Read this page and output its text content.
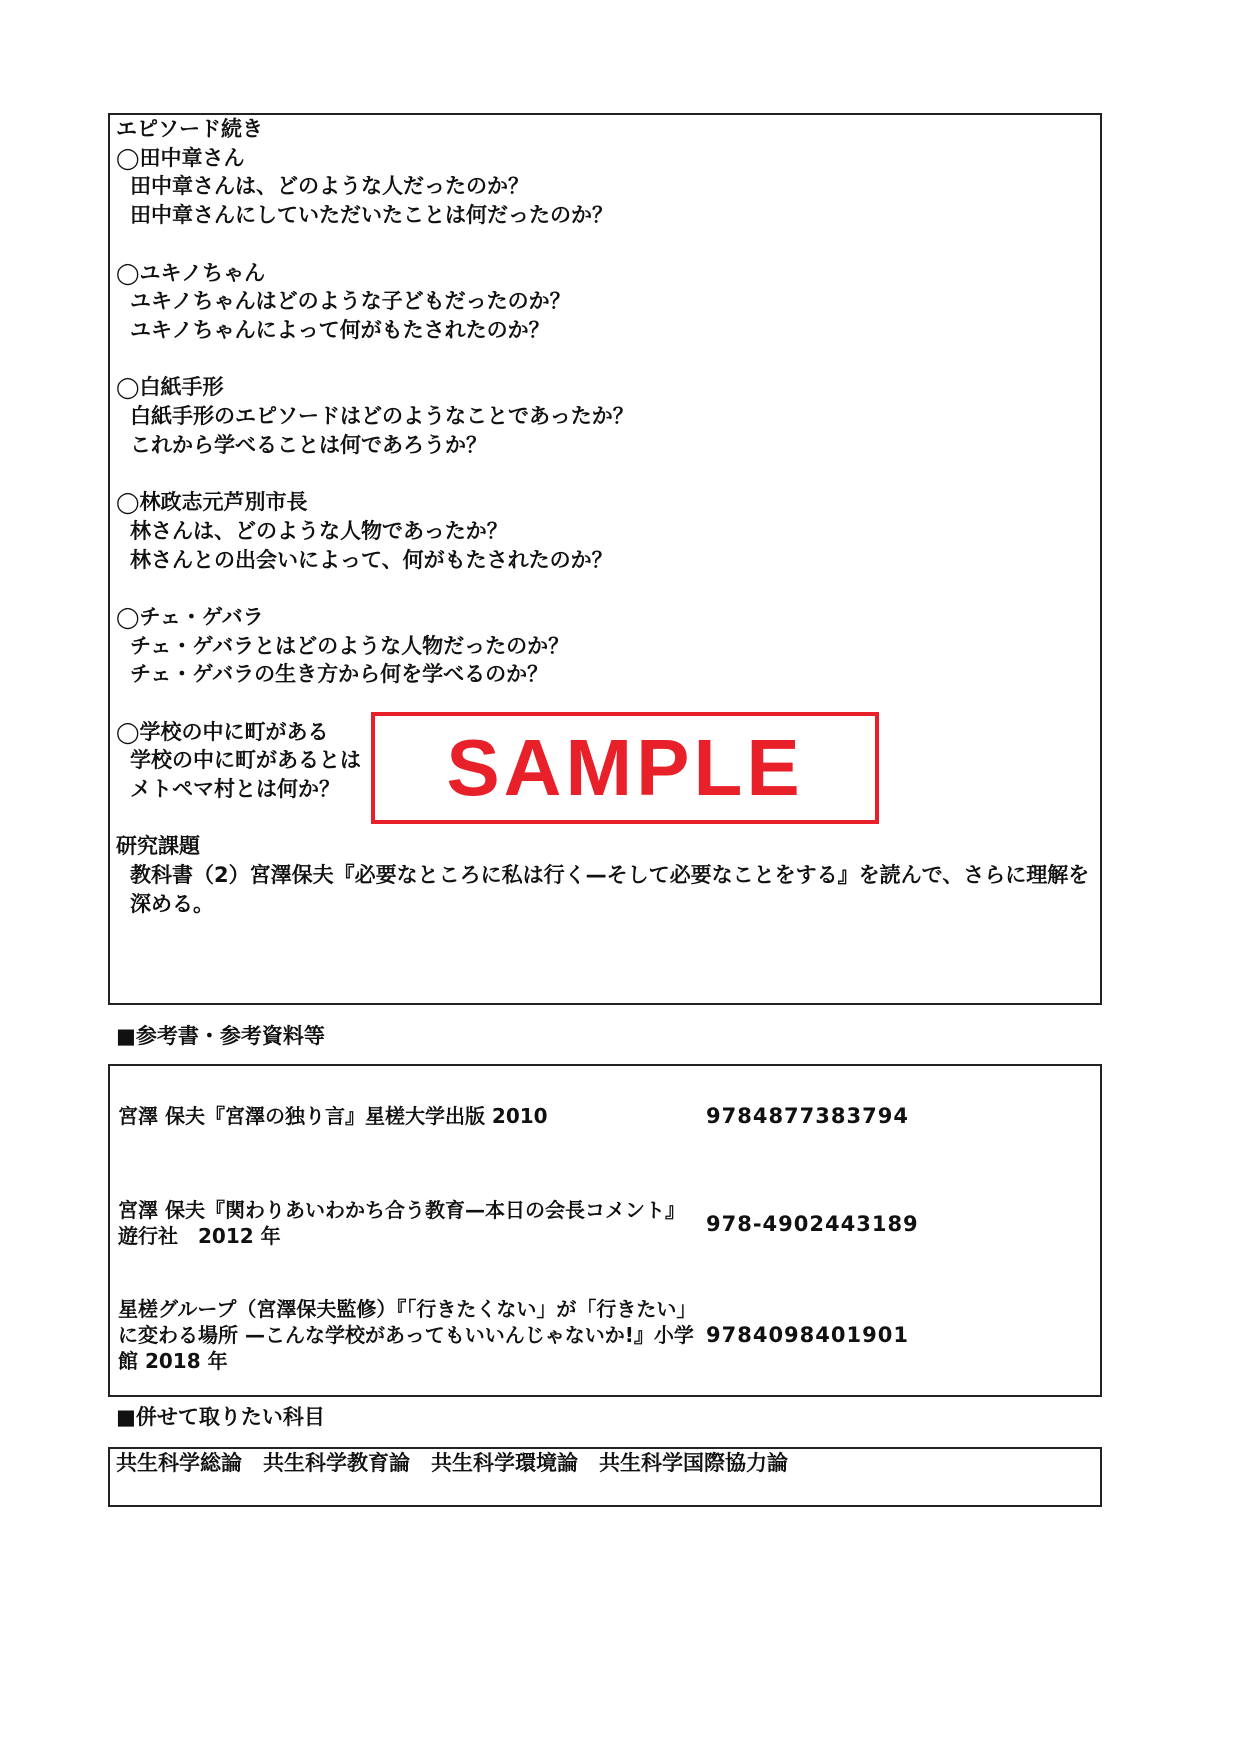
エピソード続き
◯田中章さん
田中章さんは、どのような人だったのか？
田中章さんにしていただいたことは何だったのか？
◯ユキノちゃん
ユキノちゃんはどのような子どもだったのか？
ユキノちゃんによって何がもたされたのか？
◯白紙手形
白紙手形のエピソードはどのようなことであったか？
これから学べることは何であろうか？
◯林政志元芦別市長
林さんは、どのような人物であったか？
林さんとの出会いによって、何がもたされたのか？
◯チェ・ゲバラ
チェ・ゲバラとはどのような人物だったのか？
チェ・ゲバラの生き方から何を学べるのか？
◯学校の中に町がある
学校の中に町があるとは
メトペマ村とは何か？
研究課題
教科書（2）宮澤保夫『必要なところに私は行く—そして必要なことをする』を読んで、さらに理解を深める。
■参考書・参考資料等
宮澤 保夫『宮澤の独り言』星槎大学出版 2010	9784877383794
宮澤 保夫『関わりあいわかち合う教育—本日の会長コメント』遊行社　2012 年	978-4902443189
星槎グループ（宮澤保夫監修）『「行きたくない」が「行きたい」に変わる場所 —こんな学校があってもいいんじゃないか!』小学館 2018 年
9784098401901
■併せて取りたい科目
共生科学総論　共生科学教育論　共生科学環境論　共生科学国際協力論
SAMPLE
